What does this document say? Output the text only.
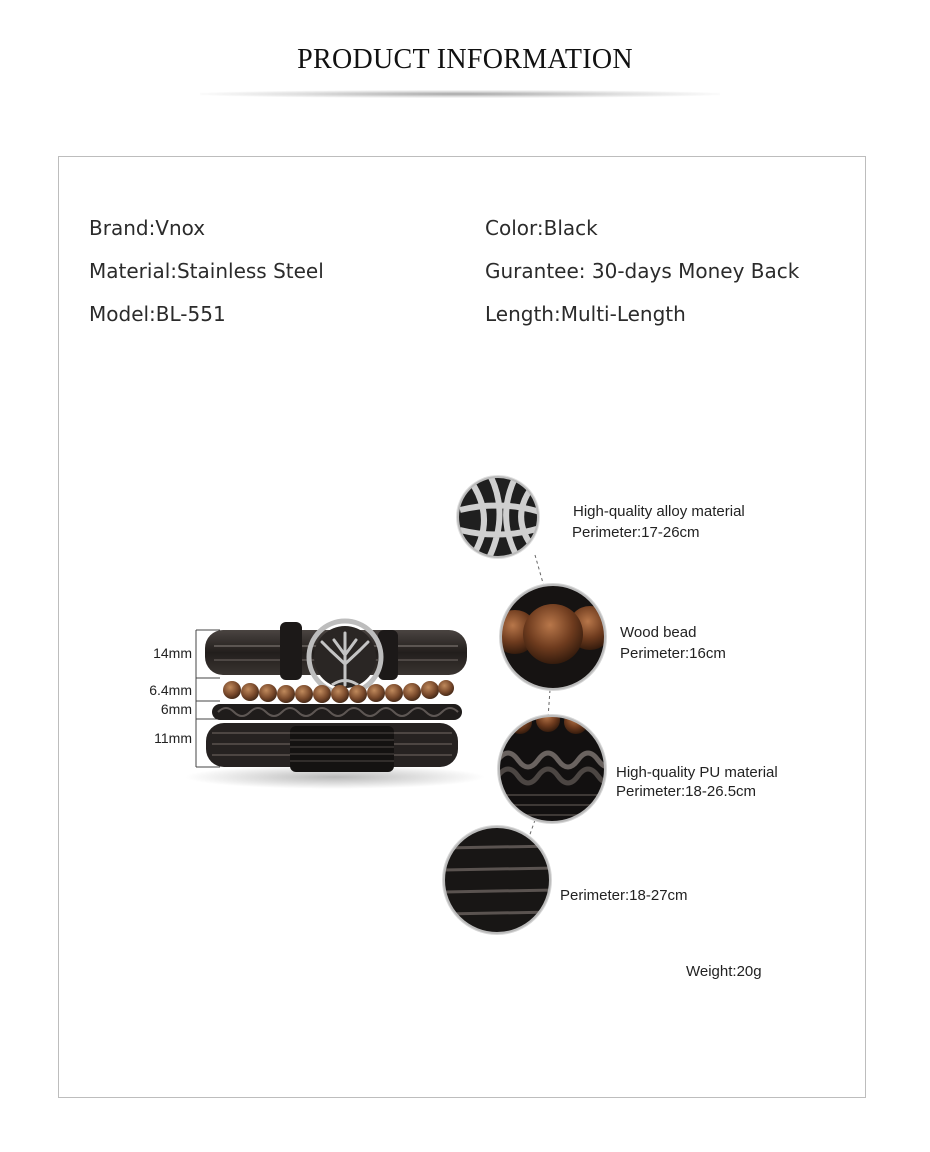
PRODUCT INFORMATION
Brand:Vnox
Material:Stainless Steel
Model:BL-551
Color:Black
Gurantee: 30-days Money Back
Length:Multi-Length
14mm
6.4mm
6mm
11mm
High-quality alloy material
Perimeter:17-26cm
Wood bead
Perimeter:16cm
High-quality PU material
Perimeter:18-26.5cm
Perimeter:18-27cm
Weight:20g
